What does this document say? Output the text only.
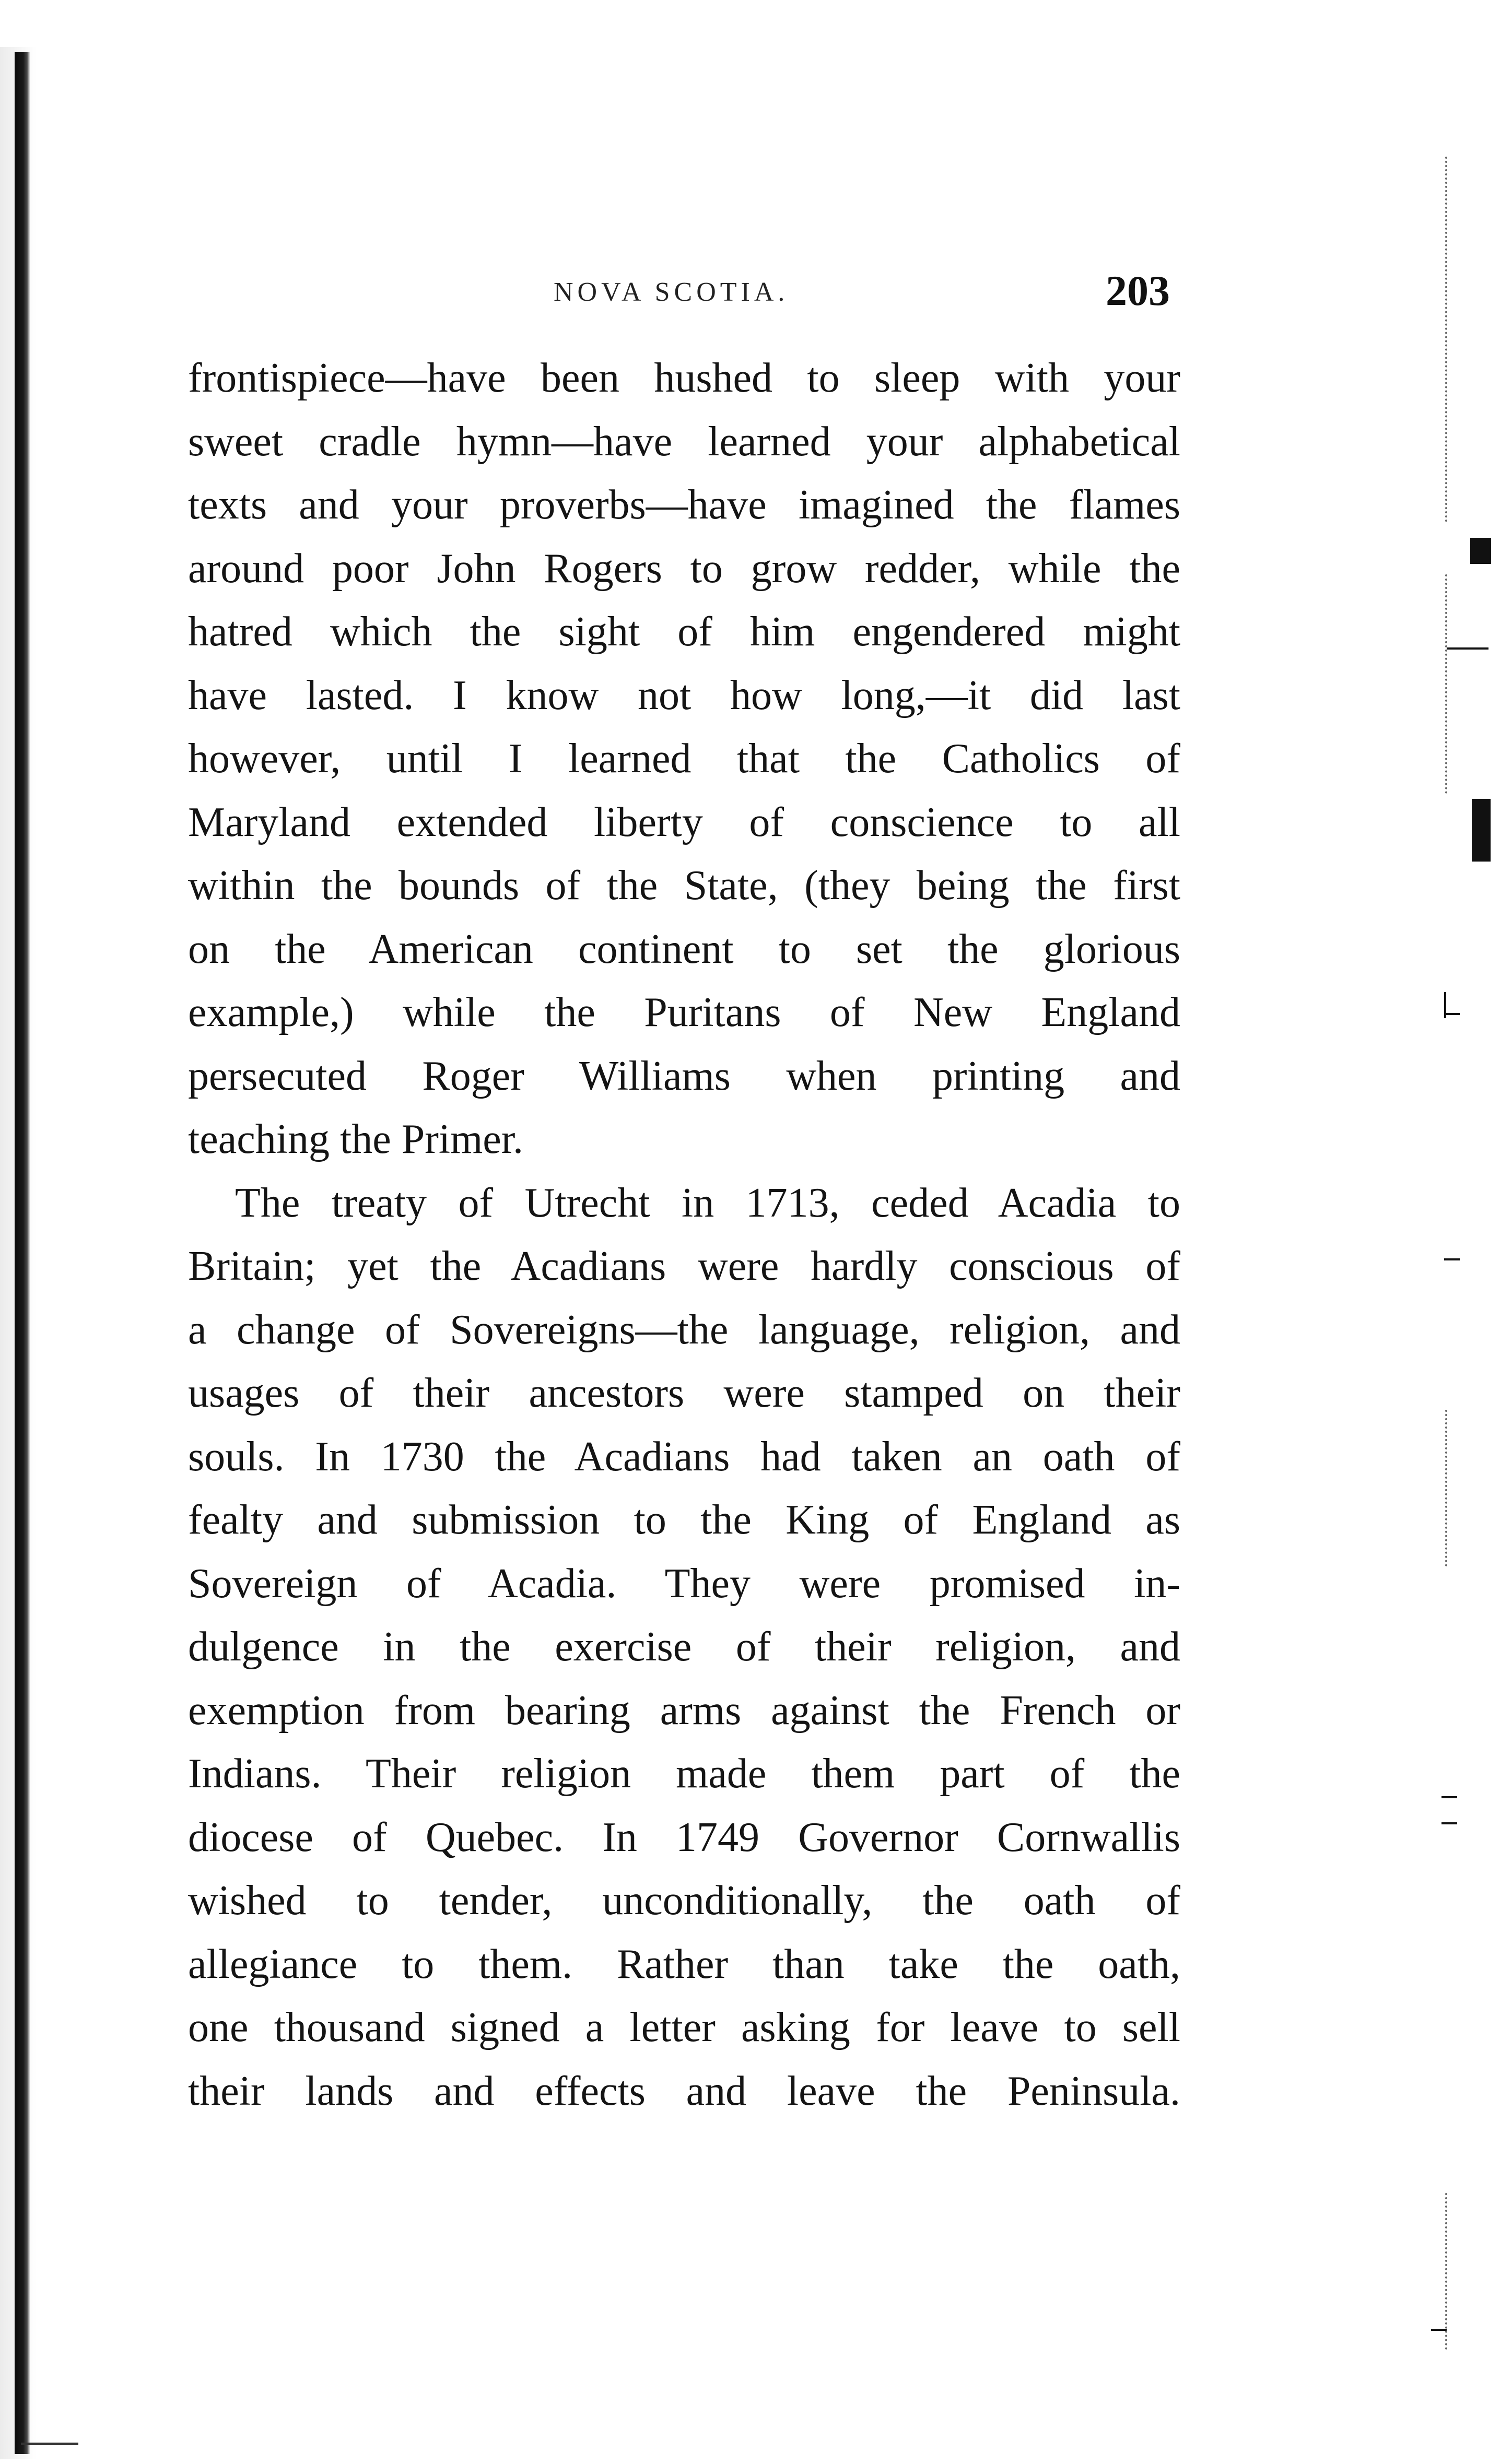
NOVA SCOTIA.	203
frontispiece—have been hushed to sleep with your
sweet cradle hymn—have learned your alphabetical
texts and your proverbs—have imagined the flames
around poor John Rogers to grow redder, while the
hatred which the sight of him engendered might
have lasted. I know not how long,—it did last
however, until I learned that the Catholics of
Maryland extended liberty of conscience to all
within the bounds of the State, (they being the first
on the American continent to set the glorious
example,) while the Puritans of New England
persecuted Roger Williams when printing and
teaching the Primer.
The treaty of Utrecht in 1713, ceded Acadia to
Britain; yet the Acadians were hardly conscious of
a change of Sovereigns—the language, religion, and
usages of their ancestors were stamped on their
souls. In 1730 the Acadians had taken an oath of
fealty and submission to the King of England as
Sovereign of Acadia. They were promised in-
dulgence in the exercise of their religion, and
exemption from bearing arms against the French or
Indians. Their religion made them part of the
diocese of Quebec. In 1749 Governor Cornwallis
wished to tender, unconditionally, the oath of
allegiance to them. Rather than take the oath,
one thousand signed a letter asking for leave to sell
their lands and effects and leave the Peninsula.
